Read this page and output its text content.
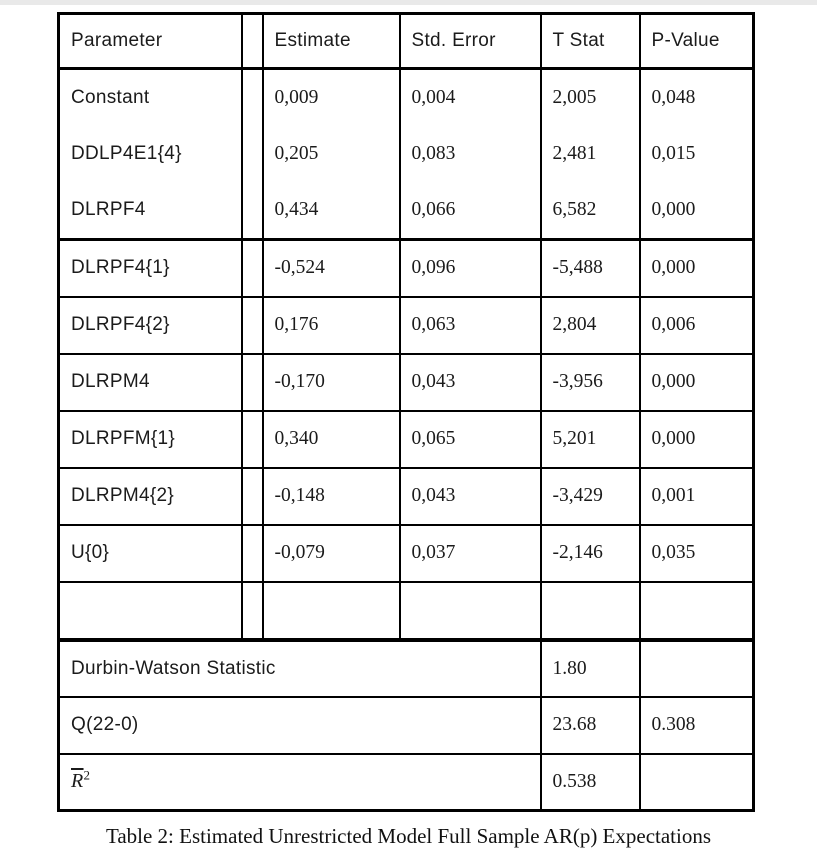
Parameter		Estimate	Std. Error	T Stat	P-Value
Constant		0,009	0,004	2,005	0,048
DDLP4E1{4}		0,205	0,083	2,481	0,015
DLRPF4		0,434	0,066	6,582	0,000
DLRPF4{1}		-0,524	0,096	-5,488	0,000
DLRPF4{2}		0,176	0,063	2,804	0,006
DLRPM4		-0,170	0,043	-3,956	0,000
DLRPFM{1}		0,340	0,065	5,201	0,000
DLRPM4{2}		-0,148	0,043	-3,429	0,001
U{0}		-0,079	0,037	-2,146	0,035

Durbin-Watson Statistic				1.80	
Q(22-0)				23.68	0.308
$\overline{R}^2$				0.538	
Table 2: Estimated Unrestricted Model Full Sample AR(p) Expectations
